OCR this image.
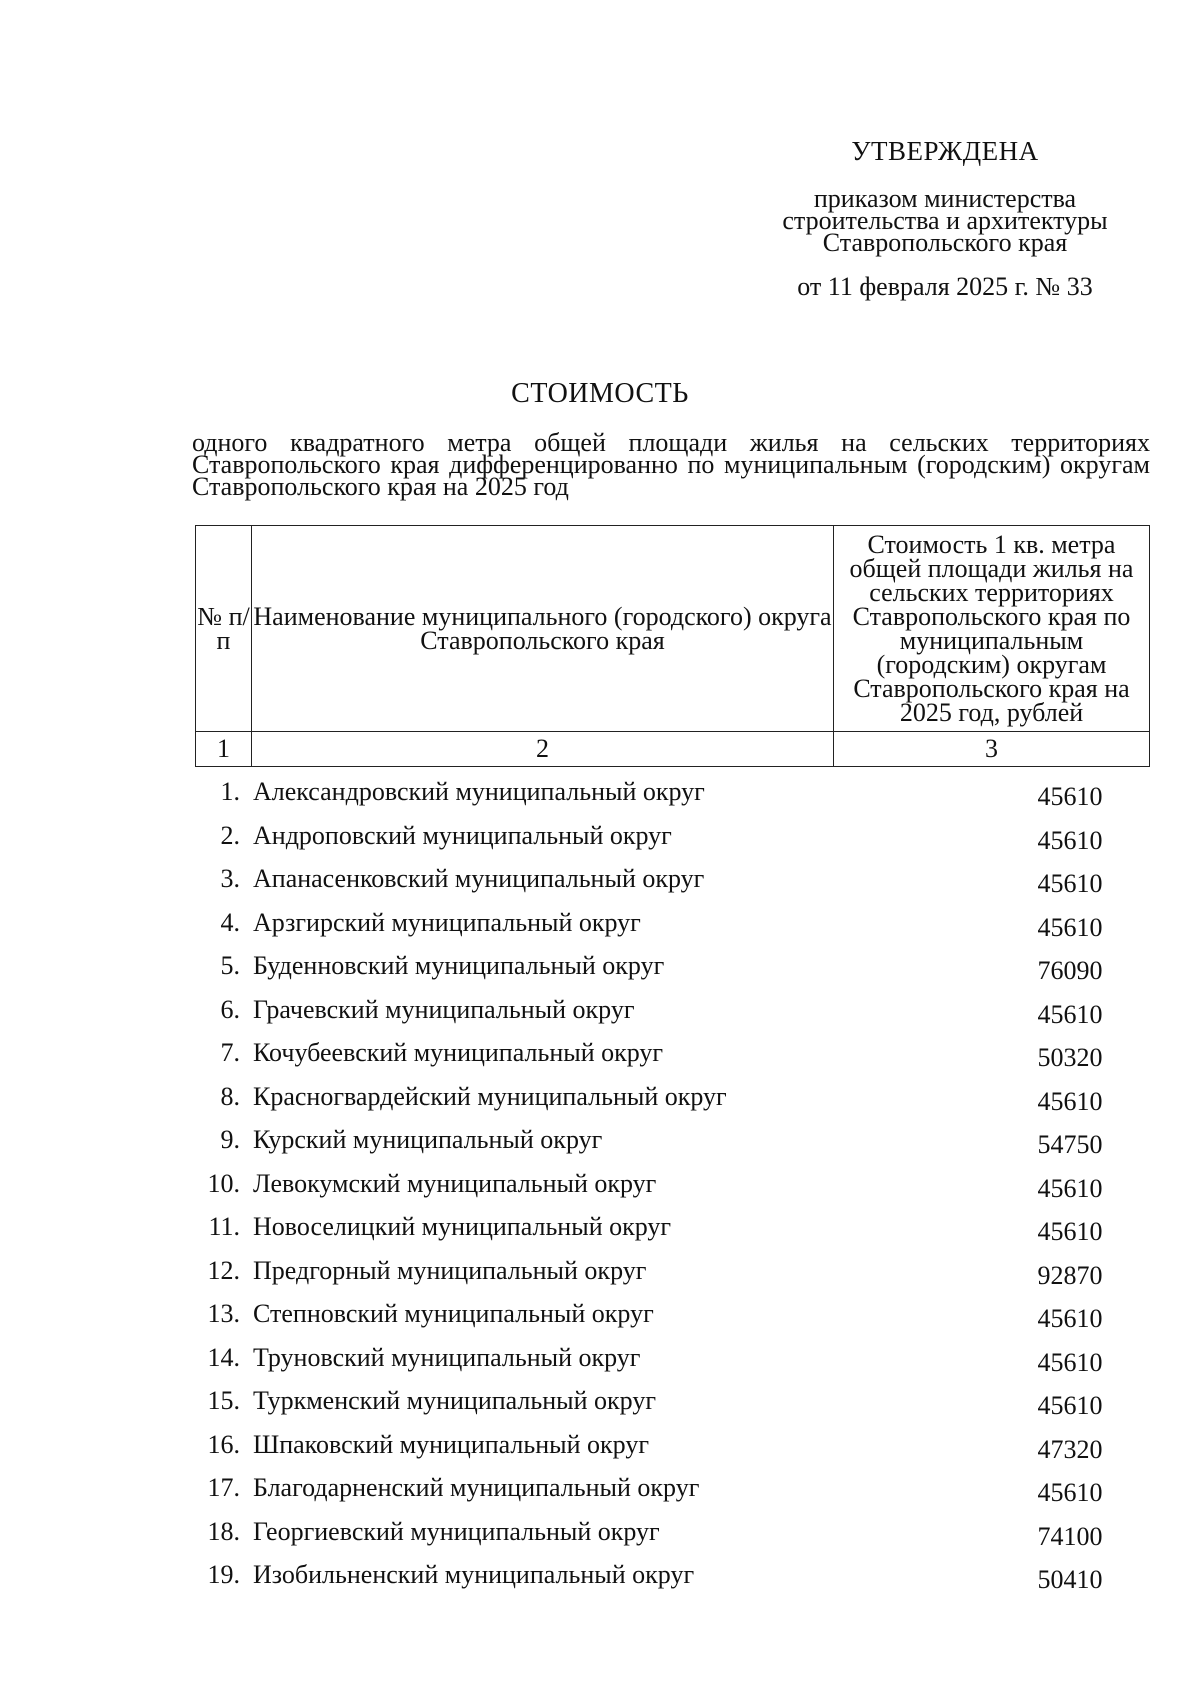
УТВЕРЖДЕНА
приказом министерства
строительства и архитектуры
Ставропольского края
от 11 февраля 2025 г. № 33
СТОИМОСТЬ
одного квадратного метра общей площади жилья на сельских территориях Ставропольского края дифференцированно по муниципальным (городским) округам Ставропольского края на 2025 год
№ п/п	Наименование муниципального (городского) округа Ставропольского края	Стоимость 1 кв. метра общей площади жилья на сельских территориях Ставропольского края по муниципальным (городским) округам Ставропольского края на 2025 год, рублей
1	2	3
1. Александровский муниципальный округ	45610
2. Андроповский муниципальный округ	45610
3. Апанасенковский муниципальный округ	45610
4. Арзгирский муниципальный округ	45610
5. Буденновский муниципальный округ	76090
6. Грачевский муниципальный округ	45610
7. Кочубеевский муниципальный округ	50320
8. Красногвардейский муниципальный округ	45610
9. Курский муниципальный округ	54750
10. Левокумский муниципальный округ	45610
11. Новоселицкий муниципальный округ	45610
12. Предгорный муниципальный округ	92870
13. Степновский муниципальный округ	45610
14. Труновский муниципальный округ	45610
15. Туркменский муниципальный округ	45610
16. Шпаковский муниципальный округ	47320
17. Благодарненский муниципальный округ	45610
18. Георгиевский муниципальный округ	74100
19. Изобильненский муниципальный округ	50410
